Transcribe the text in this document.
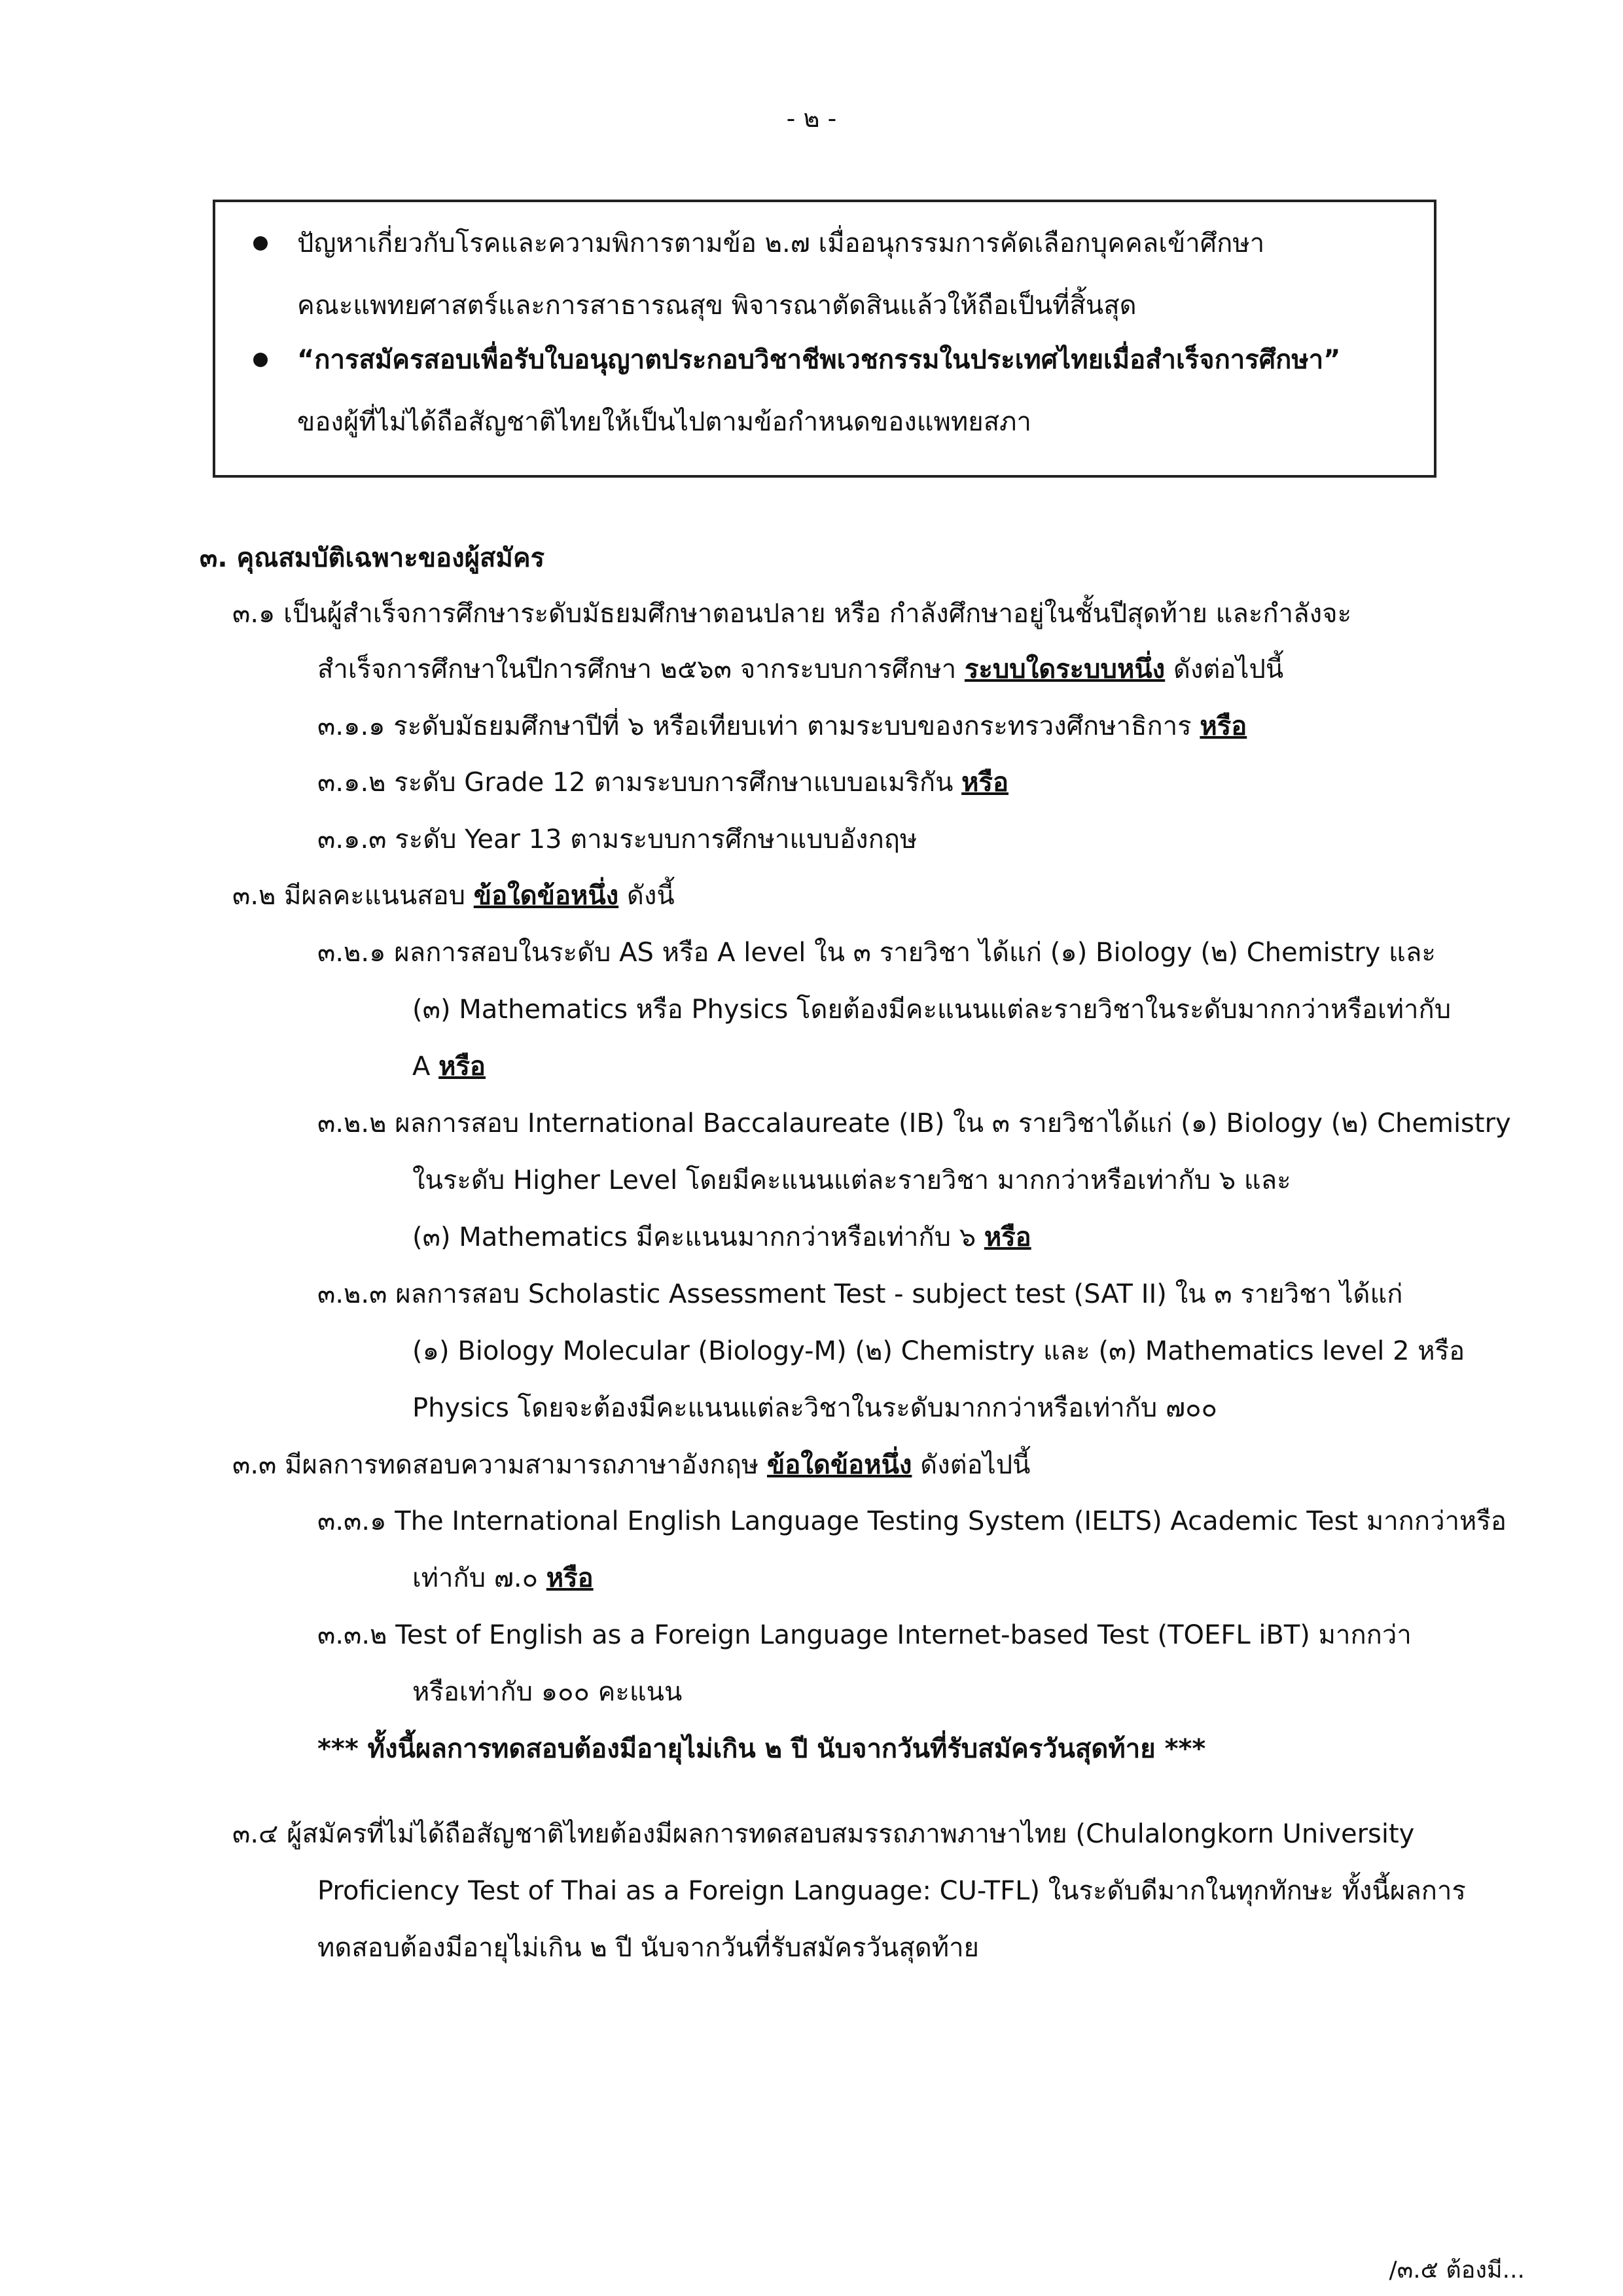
- ๒ -
ปัญหาเกี่ยวกับโรคและความพิการตามข้อ ๒.๗ เมื่ออนุกรรมการคัดเลือกบุคคลเข้าศึกษา
คณะแพทยศาสตร์และการสาธารณสุข พิจารณาตัดสินแล้วให้ถือเป็นที่สิ้นสุด
“การสมัครสอบเพื่อรับใบอนุญาตประกอบวิชาชีพเวชกรรมในประเทศไทยเมื่อสำเร็จการศึกษา”
ของผู้ที่ไม่ได้ถือสัญชาติไทยให้เป็นไปตามข้อกำหนดของแพทยสภา
๓. คุณสมบัติเฉพาะของผู้สมัคร
๓.๑ เป็นผู้สำเร็จการศึกษาระดับมัธยมศึกษาตอนปลาย หรือ กำลังศึกษาอยู่ในชั้นปีสุดท้าย และกำลังจะ
สำเร็จการศึกษาในปีการศึกษา ๒๕๖๓ จากระบบการศึกษา ระบบใดระบบหนึ่ง ดังต่อไปนี้
๓.๑.๑ ระดับมัธยมศึกษาปีที่ ๖ หรือเทียบเท่า ตามระบบของกระทรวงศึกษาธิการ หรือ
๓.๑.๒ ระดับ Grade 12 ตามระบบการศึกษาแบบอเมริกัน หรือ
๓.๑.๓ ระดับ Year 13 ตามระบบการศึกษาแบบอังกฤษ
๓.๒ มีผลคะแนนสอบ ข้อใดข้อหนึ่ง ดังนี้
๓.๒.๑ ผลการสอบในระดับ AS หรือ A level ใน ๓ รายวิชา ได้แก่ (๑) Biology (๒) Chemistry และ
(๓) Mathematics หรือ Physics โดยต้องมีคะแนนแต่ละรายวิชาในระดับมากกว่าหรือเท่ากับ
A หรือ
๓.๒.๒ ผลการสอบ International Baccalaureate (IB) ใน ๓ รายวิชาได้แก่ (๑) Biology (๒) Chemistry
ในระดับ Higher Level โดยมีคะแนนแต่ละรายวิชา มากกว่าหรือเท่ากับ ๖ และ
(๓) Mathematics มีคะแนนมากกว่าหรือเท่ากับ ๖ หรือ
๓.๒.๓ ผลการสอบ Scholastic Assessment Test - subject test (SAT II) ใน ๓ รายวิชา ได้แก่
(๑) Biology Molecular (Biology-M) (๒) Chemistry และ (๓) Mathematics level 2 หรือ
Physics โดยจะต้องมีคะแนนแต่ละวิชาในระดับมากกว่าหรือเท่ากับ ๗๐๐
๓.๓ มีผลการทดสอบความสามารถภาษาอังกฤษ ข้อใดข้อหนึ่ง ดังต่อไปนี้
๓.๓.๑ The International English Language Testing System (IELTS) Academic Test มากกว่าหรือ
เท่ากับ ๗.๐ หรือ
๓.๓.๒ Test of English as a Foreign Language Internet-based Test (TOEFL iBT) มากกว่า
หรือเท่ากับ ๑๐๐ คะแนน
*** ทั้งนี้ผลการทดสอบต้องมีอายุไม่เกิน ๒ ปี นับจากวันที่รับสมัครวันสุดท้าย ***
๓.๔ ผู้สมัครที่ไม่ได้ถือสัญชาติไทยต้องมีผลการทดสอบสมรรถภาพภาษาไทย (Chulalongkorn University
Proficiency Test of Thai as a Foreign Language: CU-TFL) ในระดับดีมากในทุกทักษะ ทั้งนี้ผลการ
ทดสอบต้องมีอายุไม่เกิน ๒ ปี นับจากวันที่รับสมัครวันสุดท้าย
/๓.๕ ต้องมี...
